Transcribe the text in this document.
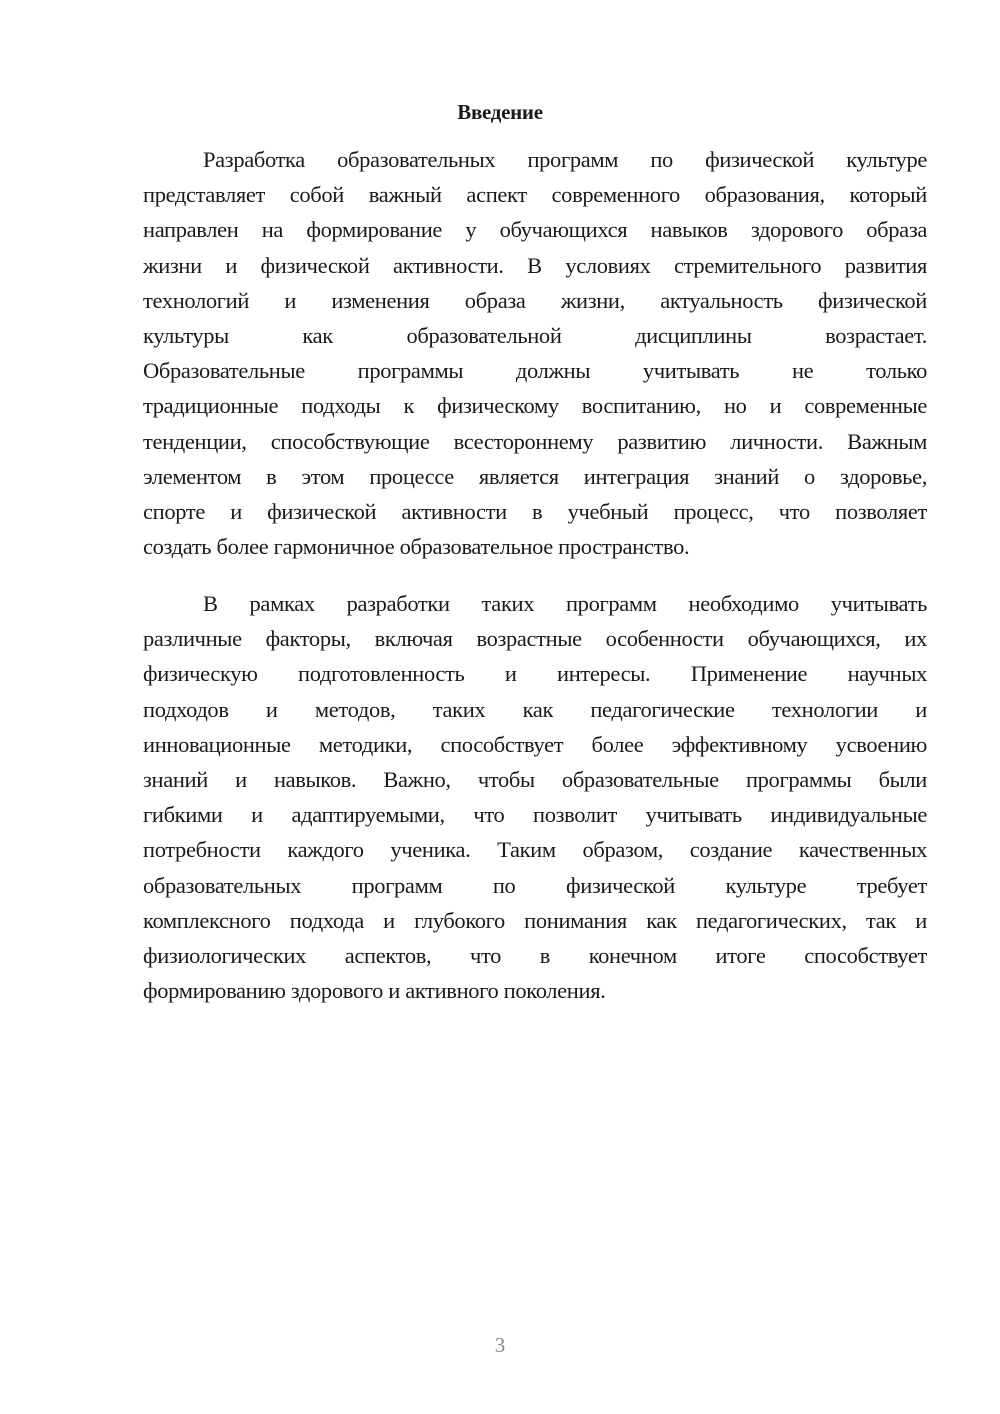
Введение
Разработка образовательных программ по физической культуре
представляет собой важный аспект современного образования, который
направлен на формирование у обучающихся навыков здорового образа
жизни и физической активности. В условиях стремительного развития
технологий и изменения образа жизни, актуальность физической
культуры как образовательной дисциплины возрастает.
Образовательные программы должны учитывать не только
традиционные подходы к физическому воспитанию, но и современные
тенденции, способствующие всестороннему развитию личности. Важным
элементом в этом процессе является интеграция знаний о здоровье,
спорте и физической активности в учебный процесс, что позволяет
создать более гармоничное образовательное пространство.
В рамках разработки таких программ необходимо учитывать
различные факторы, включая возрастные особенности обучающихся, их
физическую подготовленность и интересы. Применение научных
подходов и методов, таких как педагогические технологии и
инновационные методики, способствует более эффективному усвоению
знаний и навыков. Важно, чтобы образовательные программы были
гибкими и адаптируемыми, что позволит учитывать индивидуальные
потребности каждого ученика. Таким образом, создание качественных
образовательных программ по физической культуре требует
комплексного подхода и глубокого понимания как педагогических, так и
физиологических аспектов, что в конечном итоге способствует
формированию здорового и активного поколения.
3
